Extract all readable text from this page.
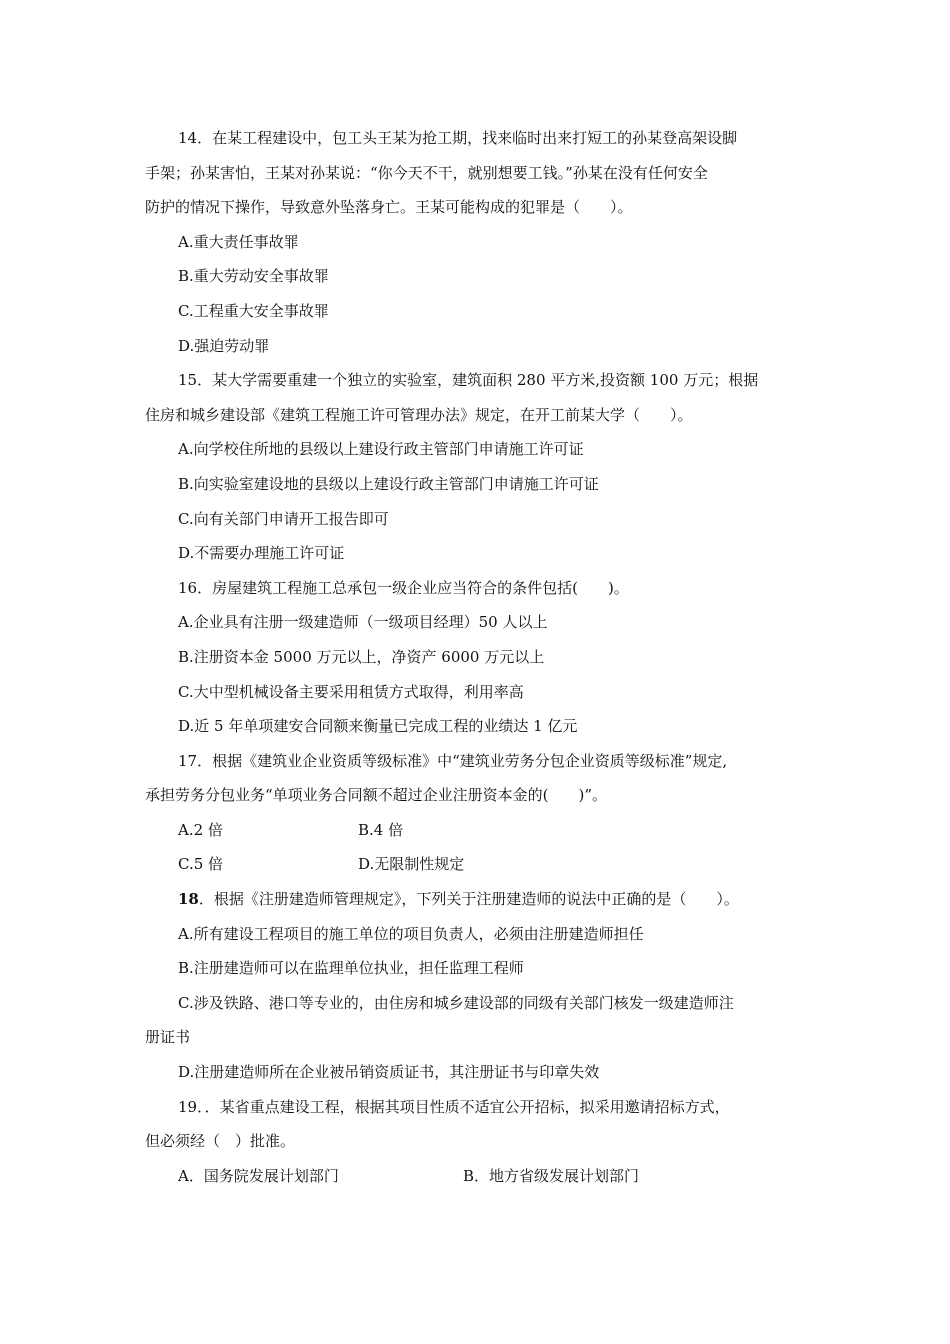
14．在某工程建设中，包工头王某为抢工期，找来临时出来打短工的孙某登高架设脚
手架；孙某害怕，王某对孙某说：“你今天不干，就别想要工钱。”孙某在没有任何安全
防护的情况下操作，导致意外坠落身亡。王某可能构成的犯罪是（　　）。
A.重大责任事故罪
B.重大劳动安全事故罪
C.工程重大安全事故罪
D.强迫劳动罪
15．某大学需要重建一个独立的实验室，建筑面积 280 平方米,投资额 100 万元；根据
住房和城乡建设部《建筑工程施工许可管理办法》规定，在开工前某大学（　　）。
A.向学校住所地的县级以上建设行政主管部门申请施工许可证
B.向实验室建设地的县级以上建设行政主管部门申请施工许可证
C.向有关部门申请开工报告即可
D.不需要办理施工许可证
16．房屋建筑工程施工总承包一级企业应当符合的条件包括(　　)。
A.企业具有注册一级建造师（一级项目经理）50 人以上
B.注册资本金 5000 万元以上，净资产 6000 万元以上
C.大中型机械设备主要采用租赁方式取得，利用率高
D.近 5 年单项建安合同额来衡量已完成工程的业绩达 1 亿元
17．根据《建筑业企业资质等级标准》中“建筑业劳务分包企业资质等级标准”规定,
承担劳务分包业务“单项业务合同额不超过企业注册资本金的(　　)”。
A.2 倍	B.4 倍
C.5 倍	D.无限制性规定
18．根据《注册建造师管理规定》，下列关于注册建造师的说法中正确的是（　　）。
A.所有建设工程项目的施工单位的项目负责人，必须由注册建造师担任
B.注册建造师可以在监理单位执业，担任监理工程师
C.涉及铁路、港口等专业的，由住房和城乡建设部的同级有关部门核发一级建造师注
册证书
D.注册建造师所在企业被吊销资质证书，其注册证书与印章失效
19．．某省重点建设工程，根据其项目性质不适宜公开招标，拟采用邀请招标方式，
但必须经（　）批准。
A．国务院发展计划部门	B．地方省级发展计划部门
